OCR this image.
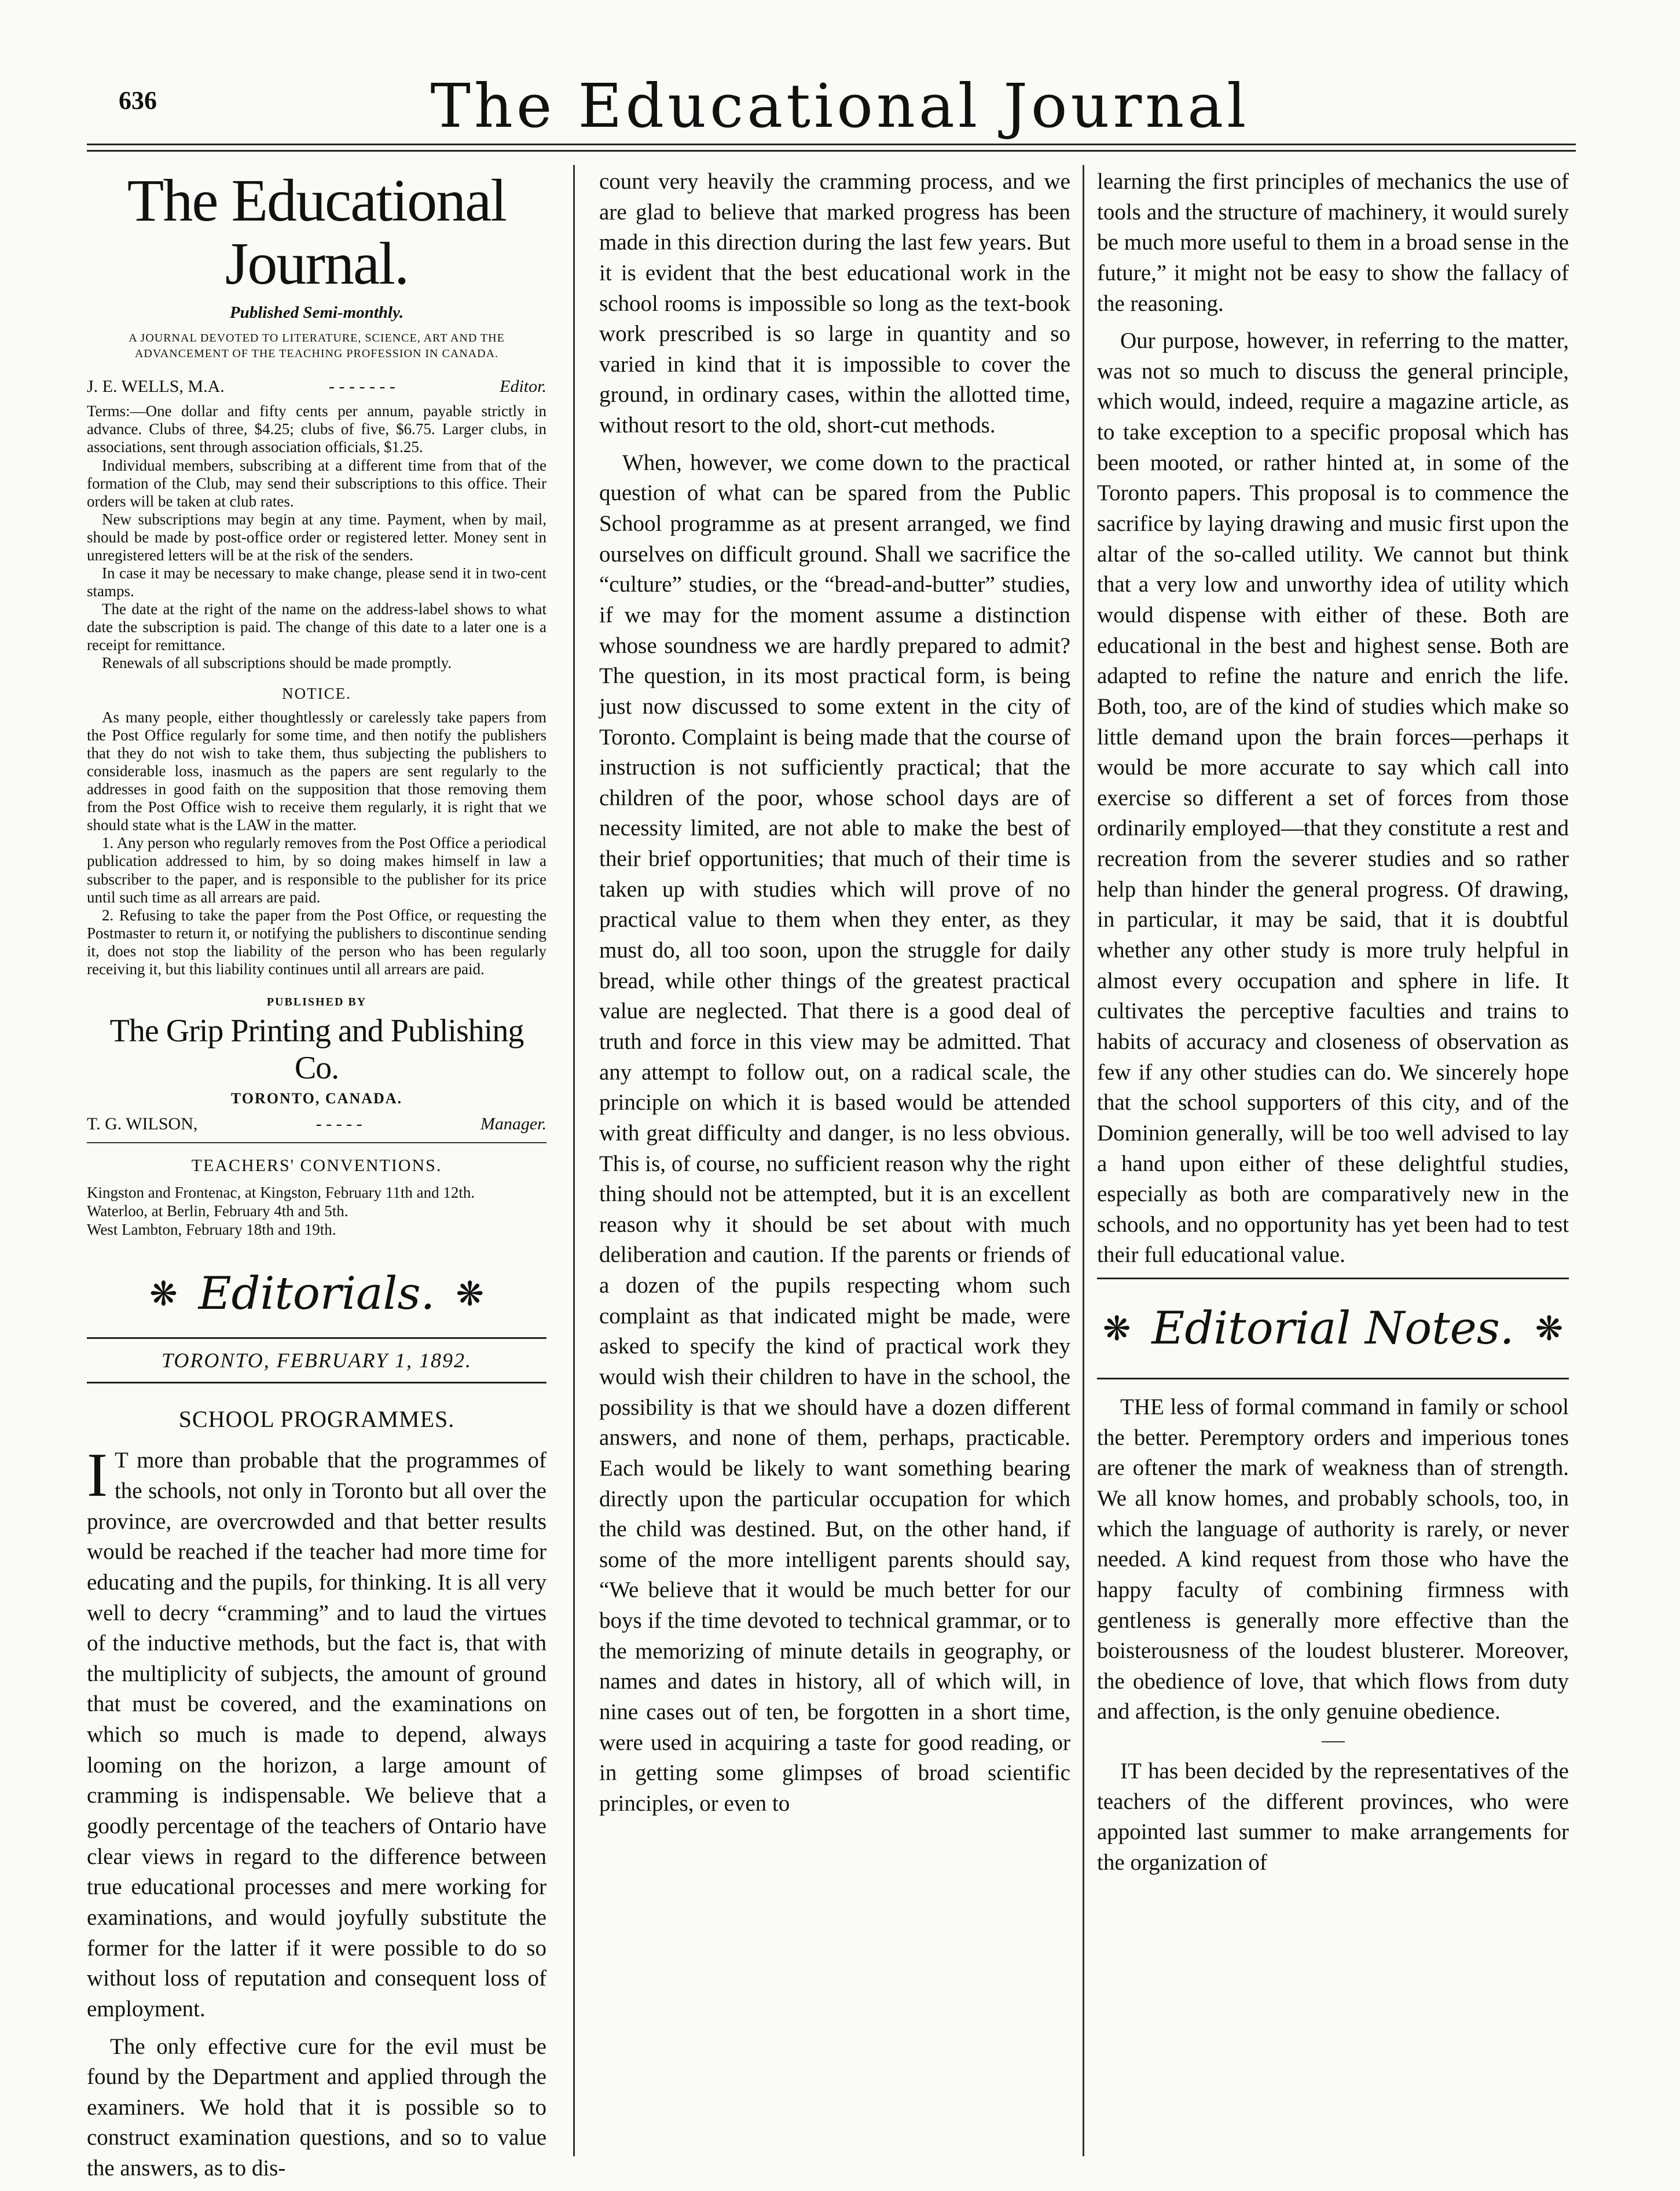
636	The Educational Journal
The Educational Journal.
Published Semi-monthly.
A JOURNAL DEVOTED TO LITERATURE, SCIENCE, ART AND THE ADVANCEMENT OF THE TEACHING PROFESSION IN CANADA.
J. E. WELLS, M.A.	- - - - - - -	Editor.

Terms:—One dollar and fifty cents per annum, payable strictly in advance. Clubs of three, $4.25; clubs of five, $6.75. Larger clubs, in associations, sent through association officials, $1.25.

Individual members, subscribing at a different time from that of the formation of the Club, may send their subscriptions to this office. Their orders will be taken at club rates.

New subscriptions may begin at any time. Payment, when by mail, should be made by post-office order or registered letter. Money sent in unregistered letters will be at the risk of the senders.

In case it may be necessary to make change, please send it in two-cent stamps.

The date at the right of the name on the address-label shows to what date the subscription is paid. The change of this date to a later one is a receipt for remittance.

Renewals of all subscriptions should be made promptly.

NOTICE.

As many people, either thoughtlessly or carelessly take papers from the Post Office regularly for some time, and then notify the publishers that they do not wish to take them, thus subjecting the publishers to considerable loss, inasmuch as the papers are sent regularly to the addresses in good faith on the supposition that those removing them from the Post Office wish to receive them regularly, it is right that we should state what is the LAW in the matter.

1. Any person who regularly removes from the Post Office a periodical publication addressed to him, by so doing makes himself in law a subscriber to the paper, and is responsible to the publisher for its price until such time as all arrears are paid.

2. Refusing to take the paper from the Post Office, or requesting the Postmaster to return it, or notifying the publishers to discontinue sending it, does not stop the liability of the person who has been regularly receiving it, but this liability continues until all arrears are paid.

PUBLISHED BY
The Grip Printing and Publishing Co.
TORONTO, CANADA.
T. G. WILSON,	- - - - -	Manager.
TEACHERS' CONVENTIONS.
Kingston and Frontenac, at Kingston, February 11th and 12th.
Waterloo, at Berlin, February 4th and 5th.
West Lambton, February 18th and 19th.
❋ Editorials. ❋
TORONTO, FEBRUARY 1, 1892.
SCHOOL PROGRAMMES.

I T more than probable that the programmes of the schools, not only in Toronto but all over the province, are overcrowded and that better results would be reached if the teacher had more time for educating and the pupils, for thinking. It is all very well to decry “cramming” and to laud the virtues of the inductive methods, but the fact is, that with the multiplicity of subjects, the amount of ground that must be covered, and the examinations on which so much is made to depend, always looming on the horizon, a large amount of cramming is indispensable. We believe that a goodly percentage of the teachers of Ontario have clear views in regard to the difference between true educational processes and mere working for examinations, and would joyfully substitute the former for the latter if it were possible to do so without loss of reputation and consequent loss of employment.

The only effective cure for the evil must be found by the Department and applied through the examiners. We hold that it is possible so to construct examination questions, and so to value the answers, as to dis-

count very heavily the cramming process, and we are glad to believe that marked progress has been made in this direction during the last few years. But it is evident that the best educational work in the school rooms is impossible so long as the text-book work prescribed is so large in quantity and so varied in kind that it is impossible to cover the ground, in ordinary cases, within the allotted time, without resort to the old, short-cut methods.

When, however, we come down to the practical question of what can be spared from the Public School programme as at present arranged, we find ourselves on difficult ground. Shall we sacrifice the “culture” studies, or the “bread-and-butter” studies, if we may for the moment assume a distinction whose soundness we are hardly prepared to admit? The question, in its most practical form, is being just now discussed to some extent in the city of Toronto. Complaint is being made that the course of instruction is not sufficiently practical; that the children of the poor, whose school days are of necessity limited, are not able to make the best of their brief opportunities; that much of their time is taken up with studies which will prove of no practical value to them when they enter, as they must do, all too soon, upon the struggle for daily bread, while other things of the greatest practical value are neglected. That there is a good deal of truth and force in this view may be admitted. That any attempt to follow out, on a radical scale, the principle on which it is based would be attended with great difficulty and danger, is no less obvious. This is, of course, no sufficient reason why the right thing should not be attempted, but it is an excellent reason why it should be set about with much deliberation and caution. If the parents or friends of a dozen of the pupils respecting whom such complaint as that indicated might be made, were asked to specify the kind of practical work they would wish their children to have in the school, the possibility is that we should have a dozen different answers, and none of them, perhaps, practicable. Each would be likely to want something bearing directly upon the particular occupation for which the child was destined. But, on the other hand, if some of the more intelligent parents should say, “We believe that it would be much better for our boys if the time devoted to technical grammar, or to the memorizing of minute details in geography, or names and dates in history, all of which will, in nine cases out of ten, be forgotten in a short time, were used in acquiring a taste for good reading, or in getting some glimpses of broad scientific principles, or even to

learning the first principles of mechanics the use of tools and the structure of machinery, it would surely be much more useful to them in a broad sense in the future,” it might not be easy to show the fallacy of the reasoning.

Our purpose, however, in referring to the matter, was not so much to discuss the general principle, which would, indeed, require a magazine article, as to take exception to a specific proposal which has been mooted, or rather hinted at, in some of the Toronto papers. This proposal is to commence the sacrifice by laying drawing and music first upon the altar of the so-called utility. We cannot but think that a very low and unworthy idea of utility which would dispense with either of these. Both are educational in the best and highest sense. Both are adapted to refine the nature and enrich the life. Both, too, are of the kind of studies which make so little demand upon the brain forces—perhaps it would be more accurate to say which call into exercise so different a set of forces from those ordinarily employed—that they constitute a rest and recreation from the severer studies and so rather help than hinder the general progress. Of drawing, in particular, it may be said, that it is doubtful whether any other study is more truly helpful in almost every occupation and sphere in life. It cultivates the perceptive faculties and trains to habits of accuracy and closeness of observation as few if any other studies can do. We sincerely hope that the school supporters of this city, and of the Dominion generally, will be too well advised to lay a hand upon either of these delightful studies, especially as both are comparatively new in the schools, and no opportunity has yet been had to test their full educational value.

❋ Editorial Notes. ❋

THE less of formal command in family or school the better. Peremptory orders and imperious tones are oftener the mark of weakness than of strength. We all know homes, and probably schools, too, in which the language of authority is rarely, or never needed. A kind request from those who have the happy faculty of combining firmness with gentleness is generally more effective than the boisterousness of the loudest blusterer. Moreover, the obedience of love, that which flows from duty and affection, is the only genuine obedience.

IT has been decided by the representatives of the teachers of the different provinces, who were appointed last summer to make arrangements for the organization of
